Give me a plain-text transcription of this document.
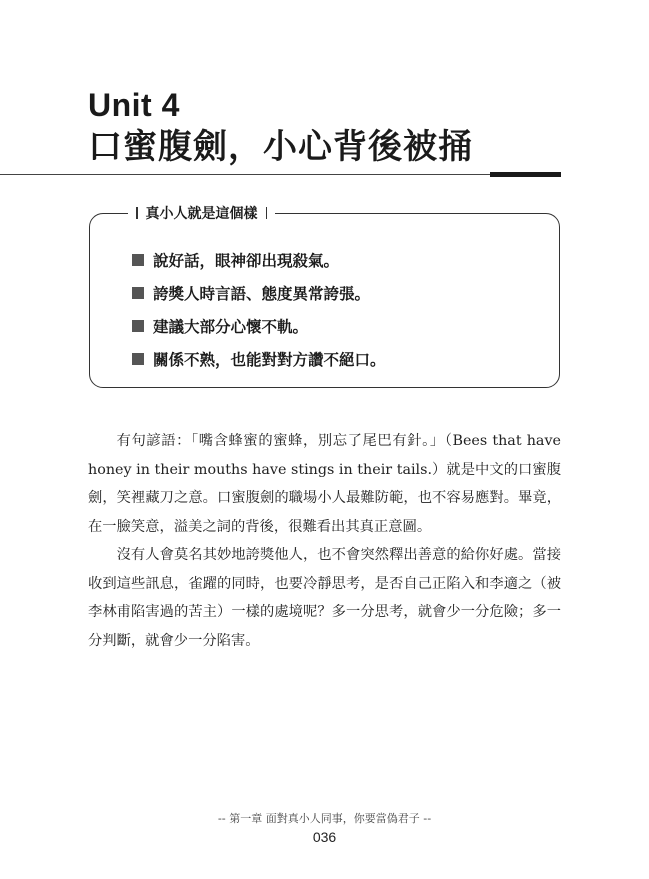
Unit 4
口蜜腹劍，小心背後被捅
真小人就是這個樣
說好話，眼神卻出現殺氣。
誇獎人時言語、態度異常誇張。
建議大部分心懷不軌。
關係不熟，也能對對方讚不絕口。

有句諺語：「嘴含蜂蜜的蜜蜂，別忘了尾巴有針。」（Bees that have honey in their mouths have stings in their tails.）就是中文的口蜜腹劍，笑裡藏刀之意。口蜜腹劍的職場小人最難防範，也不容易應對。畢竟，在一臉笑意，溢美之詞的背後，很難看出其真正意圖。

沒有人會莫名其妙地誇獎他人，也不會突然釋出善意的給你好處。當接收到這些訊息，雀躍的同時，也要冷靜思考，是否自己正陷入和李適之（被李林甫陷害過的苦主）一樣的處境呢？多一分思考，就會少一分危險；多一分判斷，就會少一分陷害。

-- 第一章 面對真小人同事，你要當偽君子 --
036
